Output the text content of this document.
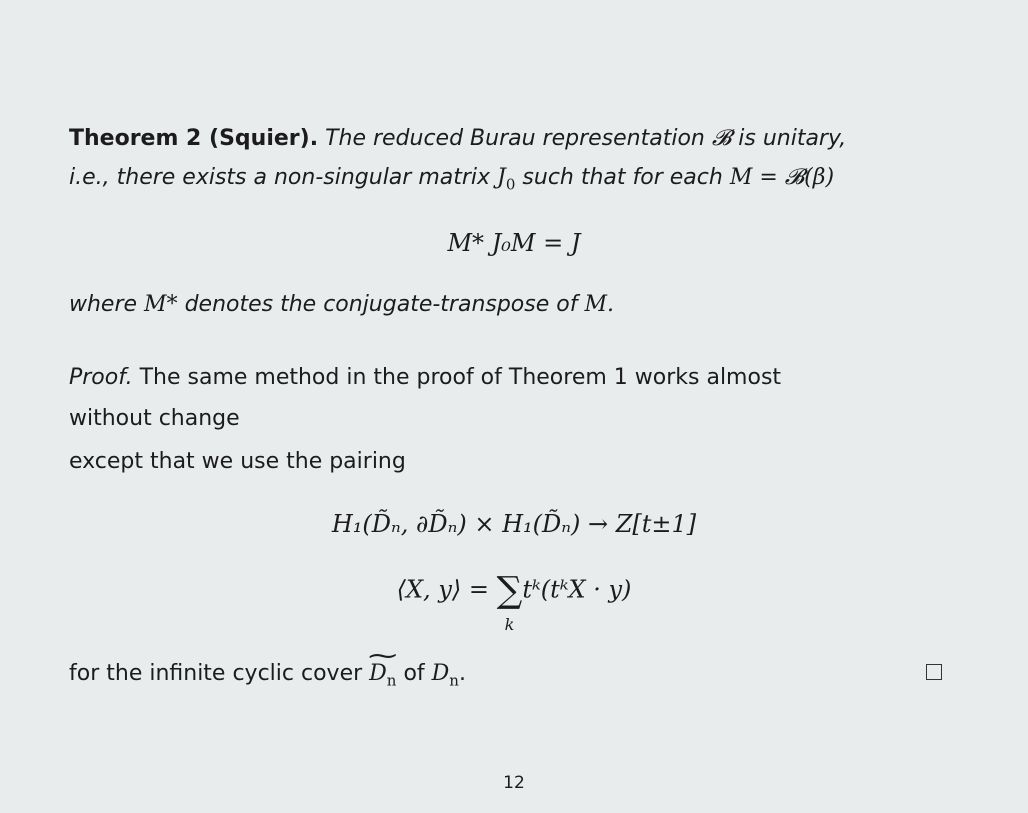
Theorem 2 (Squier). The reduced Burau representation 𝓑 is unitary,
i.e., there exists a non-singular matrix $J_0$ such that for each M = 𝓑(β)
M* J₀M = J
where M* denotes the conjugate-transpose of M.
Proof. The same method in the proof of Theorem 1 works almost
without change
except that we use the pairing
H₁(D̃ₙ, ∂D̃ₙ) × H₁(D̃ₙ) → Z[t±1]
⟨X, y⟩ = ∑
k
tᵏ(tᵏX · y)
for the infinite cyclic cover ~ $D_n$ of $D_n$.
12
